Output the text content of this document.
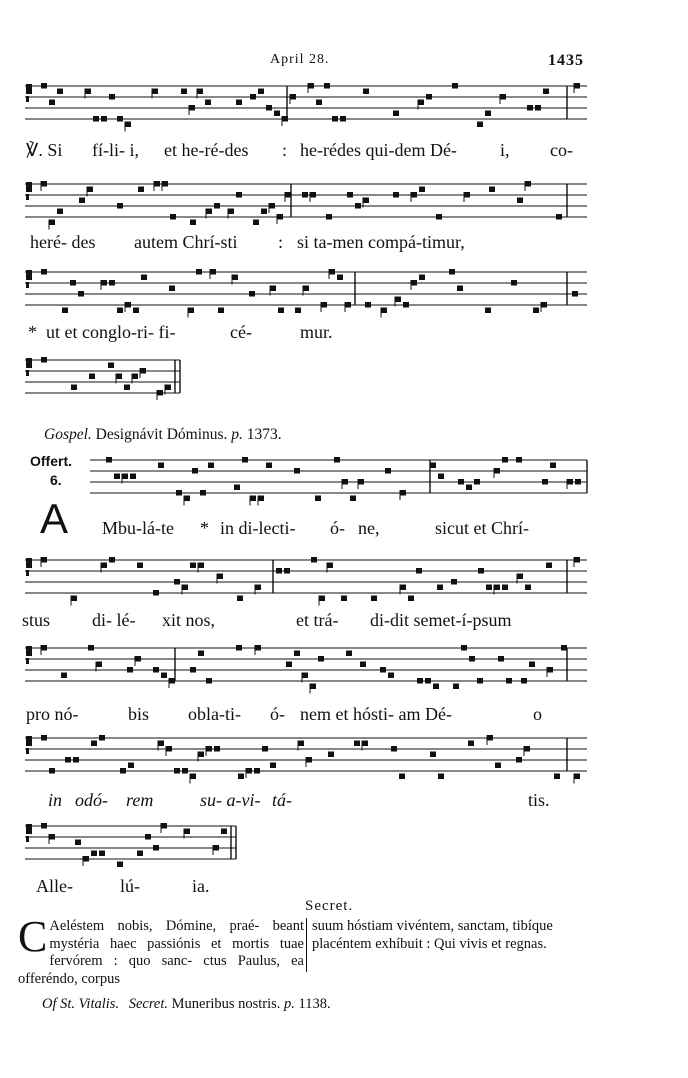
April 28.	1435
℣. Si fí-li- i, et he-ré-des : he-rédes qui-dem Dé- i, co-
heré- des autem Chrí-sti : si ta-men compá-timur,
* ut et conglo-ri- fi-	cé-	mur.
Gospel. Designávit Dóminus. p. 1373.
Offert.
6.
A Mbu-lá-te * in di-lecti- ó- ne,	sicut et Chrí-
stus di- lé- xit nos,	et trá- di-dit semet-í-psum
pro nó-	bis obla-ti- ó- nem et hósti- am Dé-	o
in odó- rem	su- a-vi- tá-	tis.
Alle-	lú-	ia.
Secret.
C Aeléstem nobis, Dómine, praé- beant mystéria haec passiónis et mortis tuae fervórem : quo sanc- ctus Paulus, ea offeréndo, corpus
suum hóstiam vivéntem, sanctam, tibíque placéntem exhíbuit : Qui vivis et regnas.
Of St. Vitalis. Secret. Muneribus nostris. p. 1138.
